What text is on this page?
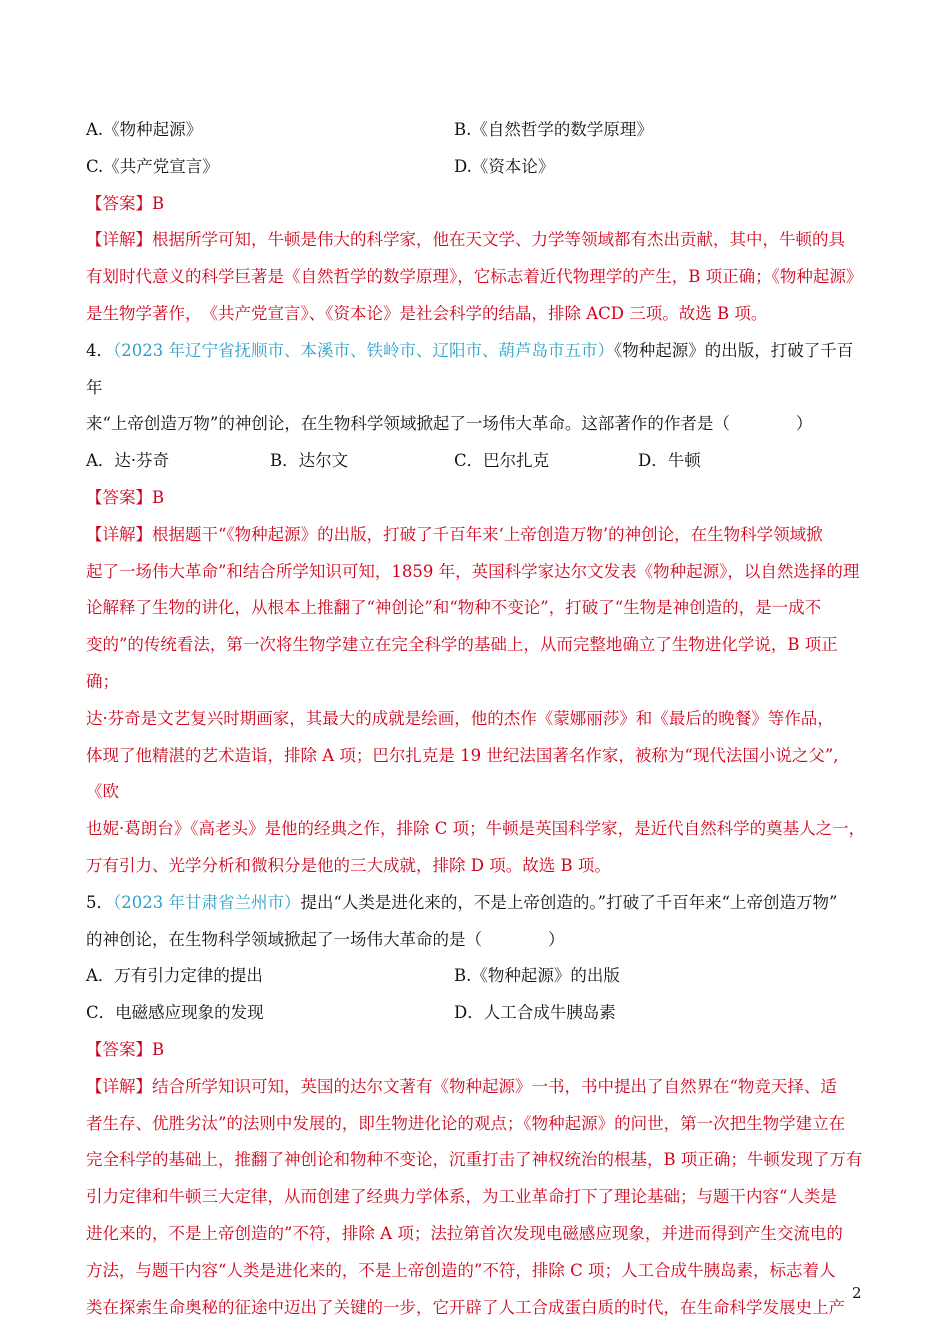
A.《物种起源》	B.《自然哲学的数学原理》
C.《共产党宣言》	D.《资本论》

【答案】B

【详解】根据所学可知，牛顿是伟大的科学家，他在天文学、力学等领域都有杰出贡献，其中，牛顿的具
有划时代意义的科学巨著是《自然哲学的数学原理》，它标志着近代物理学的产生，B 项正确；《物种起源》
是生物学著作，　《共产党宣言》、《资本论》是社会科学的结晶，排除 ACD 三项。故选 B 项。

4．（2023 年辽宁省抚顺市、本溪市、铁岭市、辽阳市、葫芦岛市五市）《物种起源》的出版，打破了千百年
来“上帝创造万物”的神创论，在生物科学领域掀起了一场伟大革命。这部著作的作者是（　　　　）

A．达·芬奇	B．达尔文	C．巴尔扎克	D．牛顿

【答案】B

【详解】根据题干“《物种起源》的出版，打破了千百年来‘上帝创造万物’的神创论，在生物科学领域掀
起了一场伟大革命”和结合所学知识可知，1859 年，英国科学家达尔文发表《物种起源》，以自然选择的理
论解释了生物的讲化，从根本上推翻了“神创论”和“物种不变论”，打破了“生物是神创造的，是一成不
变的”的传统看法，第一次将生物学建立在完全科学的基础上，从而完整地确立了生物进化学说，B 项正确；
达·芬奇是文艺复兴时期画家，其最大的成就是绘画，他的杰作《蒙娜丽莎》和《最后的晚餐》等作品，
体现了他精湛的艺术造诣，排除 A 项；巴尔扎克是 19 世纪法国著名作家，被称为“现代法国小说之父”,《欧
也妮·葛朗台》《高老头》是他的经典之作，排除 C 项；牛顿是英国科学家，是近代自然科学的奠基人之一，
万有引力、光学分析和微积分是他的三大成就，排除 D 项。故选 B 项。

5．（2023 年甘肃省兰州市）提出“人类是进化来的，不是上帝创造的。”打破了千百年来“上帝创造万物”
的神创论，在生物科学领域掀起了一场伟大革命的是（　　　　）

A．万有引力定律的提出	B.《物种起源》的出版
C．电磁感应现象的发现	D．人工合成牛胰岛素

【答案】B

【详解】结合所学知识可知，英国的达尔文著有《物种起源》一书，书中提出了自然界在“物竞天择、适
者生存、优胜劣汰”的法则中发展的，即生物进化论的观点；《物种起源》的问世，第一次把生物学建立在
完全科学的基础上，推翻了神创论和物种不变论，沉重打击了神权统治的根基，B 项正确；牛顿发现了万有
引力定律和牛顿三大定律，从而创建了经典力学体系，为工业革命打下了理论基础；与题干内容“人类是
进化来的，不是上帝创造的”不符，排除 A 项；法拉第首次发现电磁感应现象，并进而得到产生交流电的
方法，与题干内容“人类是进化来的，不是上帝创造的”不符，排除 C 项；人工合成牛胰岛素，标志着人
类在探索生命奥秘的征途中迈出了关键的一步，它开辟了人工合成蛋白质的时代，在生命科学发展史上产

2
